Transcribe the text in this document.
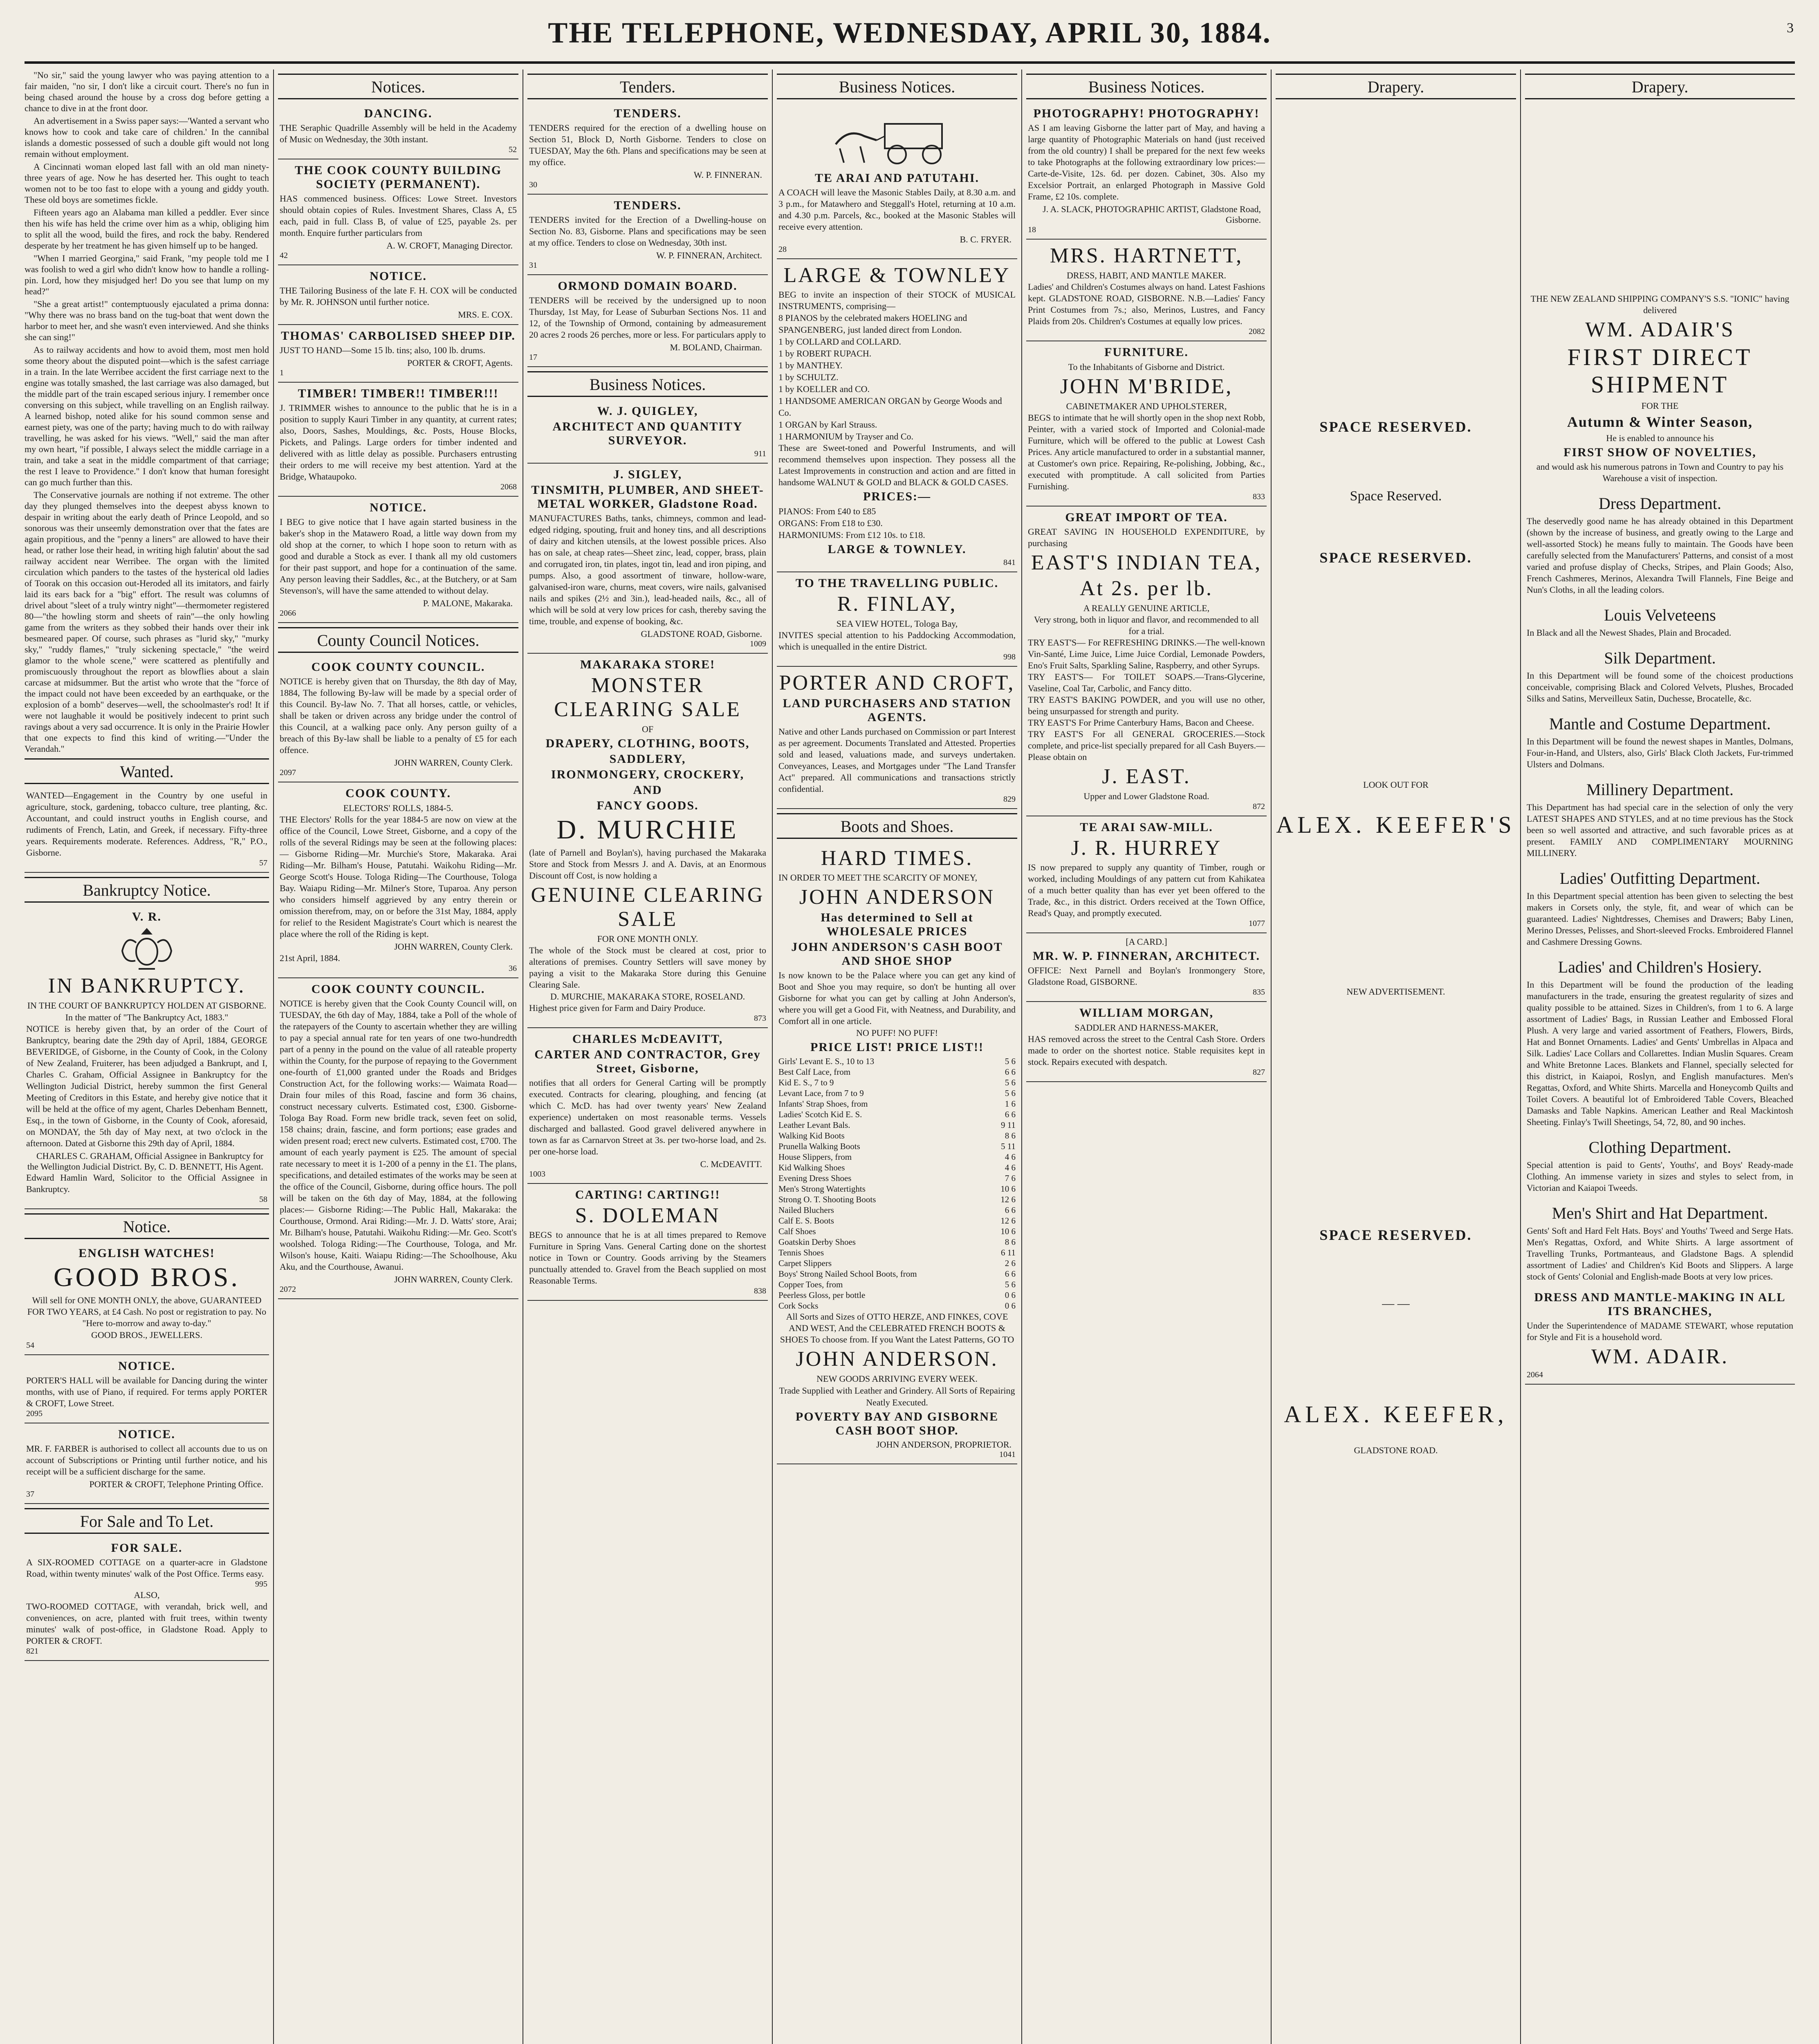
THE TELEPHONE, WEDNESDAY, APRIL 30, 1884.	3

"No sir," said the young lawyer who was paying attention to a fair maiden, "no sir, I don't like a circuit court. There's no fun in being chased around the house by a cross dog before getting a chance to dive in at the front door.

An advertisement in a Swiss paper says:—'Wanted a servant who knows how to cook and take care of children.' In the cannibal islands a domestic possessed of such a double gift would not long remain without employment.

A Cincinnati woman eloped last fall with an old man ninety-three years of age. Now he has deserted her. This ought to teach women not to be too fast to elope with a young and giddy youth. These old boys are sometimes fickle.

Fifteen years ago an Alabama man killed a peddler. Ever since then his wife has held the crime over him as a whip, obliging him to split all the wood, build the fires, and rock the baby. Rendered desperate by her treatment he has given himself up to be hanged.

"When I married Georgina," said Frank, "my people told me I was foolish to wed a girl who didn't know how to handle a rolling-pin. Lord, how they misjudged her! Do you see that lump on my head?"

"She a great artist!" contemptuously ejaculated a prima donna: "Why there was no brass band on the tug-boat that went down the harbor to meet her, and she wasn't even interviewed. And she thinks she can sing!"

As to railway accidents and how to avoid them, most men hold some theory about the disputed point—which is the safest carriage in a train. In the late Werribee accident the first carriage next to the engine was totally smashed, the last carriage was also damaged, but the middle part of the train escaped serious injury. I remember once conversing on this subject, while travelling on an English railway. A learned bishop, noted alike for his sound common sense and earnest piety, was one of the party; having much to do with railway travelling, he was asked for his views. "Well," said the man after my own heart, "if possible, I always select the middle carriage in a train, and take a seat in the middle compartment of that carriage; the rest I leave to Providence." I don't know that human foresight can go much further than this.

The Conservative journals are nothing if not extreme. The other day they plunged themselves into the deepest abyss known to despair in writing about the early death of Prince Leopold, and so sonorous was their unseemly demonstration over that the fates are again propitious, and the "penny a liners" are allowed to have their head, or rather lose their head, in writing high falutin' about the sad railway accident near Werribee. The organ with the limited circulation which panders to the tastes of the hysterical old ladies of Toorak on this occasion out-Heroded all its imitators, and fairly laid its ears back for a "big" effort. The result was columns of drivel about "sleet of a truly wintry night"—thermometer registered 80—"the howling storm and sheets of rain"—the only howling game from the writers as they sobbed their hands over their ink besmeared paper. Of course, such phrases as "lurid sky," "murky sky," "ruddy flames," "truly sickening spectacle," "the weird glamor to the whole scene," were scattered as plentifully and promiscuously throughout the report as blowflies about a slain carcase at midsummer. But the artist who wrote that the "force of the impact could not have been exceeded by an earthquake, or the explosion of a bomb" deserves—well, the schoolmaster's rod! It if were not laughable it would be positively indecent to print such ravings about a very sad occurrence. It is only in the Prairie Howler that one expects to find this kind of writing.—"Under the Verandah."

Wanted.
WANTED—Engagement in the Country by one useful in agriculture, stock, gardening, tobacco culture, tree planting, &c. Accountant, and could instruct youths in English course, and rudiments of French, Latin, and Greek, if necessary. Fifty-three years. Requirements moderate. References. Address, "R," P.O., Gisborne.
57
Bankruptcy Notice.
V. R.
IN BANKRUPTCY.
IN THE COURT OF BANKRUPTCY HOLDEN AT GISBORNE.
In the matter of "The Bankruptcy Act, 1883."
NOTICE is hereby given that, by an order of the Court of Bankruptcy, bearing date the 29th day of April, 1884, GEORGE BEVERIDGE, of Gisborne, in the County of Cook, in the Colony of New Zealand, Fruiterer, has been adjudged a Bankrupt, and I, Charles C. Graham, Official Assignee in Bankruptcy for the Wellington Judicial District, hereby summon the first General Meeting of Creditors in this Estate, and hereby give notice that it will be held at the office of my agent, Charles Debenham Bennett, Esq., in the town of Gisborne, in the County of Cook, aforesaid, on MONDAY, the 5th day of May next, at two o'clock in the afternoon. Dated at Gisborne this 29th day of April, 1884.
CHARLES C. GRAHAM, Official Assignee in Bankruptcy for the Wellington Judicial District. By, C. D. BENNETT, His Agent.
Edward Hamlin Ward, Solicitor to the Official Assignee in Bankruptcy.
58
Notice.
ENGLISH WATCHES!
GOOD BROS.
Will sell for ONE MONTH ONLY, the above, GUARANTEED FOR TWO YEARS, at £4 Cash. No post or registration to pay. No "Here to-morrow and away to-day."
GOOD BROS., JEWELLERS.
54
NOTICE.
PORTER'S HALL will be available for Dancing during the winter months, with use of Piano, if required. For terms apply PORTER & CROFT, Lowe Street.
2095
NOTICE.
MR. F. FARBER is authorised to collect all accounts due to us on account of Subscriptions or Printing until further notice, and his receipt will be a sufficient discharge for the same.
PORTER & CROFT, Telephone Printing Office.
37
For Sale and To Let.
FOR SALE.
A SIX-ROOMED COTTAGE on a quarter-acre in Gladstone Road, within twenty minutes' walk of the Post Office. Terms easy.
995
ALSO,
TWO-ROOMED COTTAGE, with verandah, brick well, and conveniences, on acre, planted with fruit trees, within twenty minutes' walk of post-office, in Gladstone Road. Apply to PORTER & CROFT.
821
Notices.
DANCING.
THE Seraphic Quadrille Assembly will be held in the Academy of Music on Wednesday, the 30th instant.
52
THE COOK COUNTY BUILDING SOCIETY (PERMANENT).
HAS commenced business. Offices: Lowe Street. Investors should obtain copies of Rules. Investment Shares, Class A, £5 each, paid in full. Class B, of value of £25, payable 2s. per month. Enquire further particulars from
A. W. CROFT, Managing Director.
42
NOTICE.
THE Tailoring Business of the late F. H. COX will be conducted by Mr. R. JOHNSON until further notice.
MRS. E. COX.
THOMAS' CARBOLISED SHEEP DIP.
JUST TO HAND—Some 15 lb. tins; also, 100 lb. drums.
PORTER & CROFT, Agents.
1
TIMBER! TIMBER!! TIMBER!!!
J. TRIMMER wishes to announce to the public that he is in a position to supply Kauri Timber in any quantity, at current rates; also, Doors, Sashes, Mouldings, &c. Posts, House Blocks, Pickets, and Palings. Large orders for timber indented and delivered with as little delay as possible. Purchasers entrusting their orders to me will receive my best attention. Yard at the Bridge, Whataupoko.
2068
NOTICE.
I BEG to give notice that I have again started business in the baker's shop in the Matawero Road, a little way down from my old shop at the corner, to which I hope soon to return with as good and durable a Stock as ever. I thank all my old customers for their past support, and hope for a continuation of the same. Any person leaving their Saddles, &c., at the Butchery, or at Sam Stevenson's, will have the same attended to without delay.
P. MALONE, Makaraka.
2066
County Council Notices.
COOK COUNTY COUNCIL.
NOTICE is hereby given that on Thursday, the 8th day of May, 1884, The following By-law will be made by a special order of this Council. By-law No. 7. That all horses, cattle, or vehicles, shall be taken or driven across any bridge under the control of this Council, at a walking pace only. Any person guilty of a breach of this By-law shall be liable to a penalty of £5 for each offence.
JOHN WARREN, County Clerk.
2097
COOK COUNTY.
ELECTORS' ROLLS, 1884-5.
THE Electors' Rolls for the year 1884-5 are now on view at the office of the Council, Lowe Street, Gisborne, and a copy of the rolls of the several Ridings may be seen at the following places:— Gisborne Riding—Mr. Murchie's Store, Makaraka. Arai Riding—Mr. Bilham's House, Patutahi. Waikohu Riding—Mr. George Scott's House. Tologa Riding—The Courthouse, Tologa Bay. Waiapu Riding—Mr. Milner's Store, Tuparoa. Any person who considers himself aggrieved by any entry therein or omission therefrom, may, on or before the 31st May, 1884, apply for relief to the Resident Magistrate's Court which is nearest the place where the roll of the Riding is kept.
JOHN WARREN, County Clerk.
21st April, 1884.
36
COOK COUNTY COUNCIL.
NOTICE is hereby given that the Cook County Council will, on TUESDAY, the 6th day of May, 1884, take a Poll of the whole of the ratepayers of the County to ascertain whether they are willing to pay a special annual rate for ten years of one two-hundredth part of a penny in the pound on the value of all rateable property within the County, for the purpose of repaying to the Government one-fourth of £1,000 granted under the Roads and Bridges Construction Act, for the following works:— Waimata Road— Drain four miles of this Road, fascine and form 36 chains, construct necessary culverts. Estimated cost, £300. Gisborne-Tologa Bay Road. Form new bridle track, seven feet on solid, 158 chains; drain, fascine, and form portions; ease grades and widen present road; erect new culverts. Estimated cost, £700. The amount of each yearly payment is £25. The amount of special rate necessary to meet it is 1-200 of a penny in the £1. The plans, specifications, and detailed estimates of the works may be seen at the office of the Council, Gisborne, during office hours. The poll will be taken on the 6th day of May, 1884, at the following places:— Gisborne Riding:—The Public Hall, Makaraka: the Courthouse, Ormond. Arai Riding:—Mr. J. D. Watts' store, Arai; Mr. Bilham's house, Patutahi. Waikohu Riding:—Mr. Geo. Scott's woolshed. Tologa Riding:—The Courthouse, Tologa, and Mr. Wilson's house, Kaiti. Waiapu Riding:—The Schoolhouse, Aku Aku, and the Courthouse, Awanui.
JOHN WARREN, County Clerk.
2072
Tenders.
TENDERS.
TENDERS required for the erection of a dwelling house on Section 51, Block D, North Gisborne. Tenders to close on TUESDAY, May the 6th. Plans and specifications may be seen at my office.
W. P. FINNERAN.
30
TENDERS.
TENDERS invited for the Erection of a Dwelling-house on Section No. 83, Gisborne. Plans and specifications may be seen at my office. Tenders to close on Wednesday, 30th inst.
W. P. FINNERAN, Architect.
31
ORMOND DOMAIN BOARD.
TENDERS will be received by the undersigned up to noon Thursday, 1st May, for Lease of Suburban Sections Nos. 11 and 12, of the Township of Ormond, containing by admeasurement 20 acres 2 roods 26 perches, more or less. For particulars apply to
M. BOLAND, Chairman.
17
Business Notices.
W. J. QUIGLEY,
ARCHITECT AND QUANTITY SURVEYOR.
911
J. SIGLEY,
TINSMITH, PLUMBER, AND SHEET-METAL WORKER, Gladstone Road.
MANUFACTURES Baths, tanks, chimneys, common and lead-edged ridging, spouting, fruit and honey tins, and all descriptions of dairy and kitchen utensils, at the lowest possible prices. Also has on sale, at cheap rates—Sheet zinc, lead, copper, brass, plain and corrugated iron, tin plates, ingot tin, lead and iron piping, and pumps. Also, a good assortment of tinware, hollow-ware, galvanised-iron ware, churns, meat covers, wire nails, galvanised nails and spikes (2½ and 3in.), lead-headed nails, &c., all of which will be sold at very low prices for cash, thereby saving the time, trouble, and expense of booking, &c.
GLADSTONE ROAD, Gisborne.
1009
MAKARAKA STORE!
MONSTER CLEARING SALE
OF
DRAPERY, CLOTHING, BOOTS,
SADDLERY,
IRONMONGERY, CROCKERY,
AND
FANCY GOODS.
D. MURCHIE
(late of Parnell and Boylan's), having purchased the Makaraka Store and Stock from Messrs J. and A. Davis, at an Enormous Discount off Cost, is now holding a
GENUINE CLEARING SALE
FOR ONE MONTH ONLY.
The whole of the Stock must be cleared at cost, prior to alterations of premises. Country Settlers will save money by paying a visit to the Makaraka Store during this Genuine Clearing Sale.
D. MURCHIE, MAKARAKA STORE, ROSELAND.
Highest price given for Farm and Dairy Produce.
873
CHARLES McDEAVITT,
CARTER AND CONTRACTOR, Grey Street, Gisborne,
notifies that all orders for General Carting will be promptly executed. Contracts for clearing, ploughing, and fencing (at which C. McD. has had over twenty years' New Zealand experience) undertaken on most reasonable terms. Vessels discharged and ballasted. Good gravel delivered anywhere in town as far as Carnarvon Street at 3s. per two-horse load, and 2s. per one-horse load.
C. McDEAVITT.
1003
CARTING! CARTING!!
S. DOLEMAN
BEGS to announce that he is at all times prepared to Remove Furniture in Spring Vans. General Carting done on the shortest notice in Town or Country. Goods arriving by the Steamers punctually attended to. Gravel from the Beach supplied on most Reasonable Terms.
838
Business Notices.
TE ARAI AND PATUTAHI.
A COACH will leave the Masonic Stables Daily, at 8.30 a.m. and 3 p.m., for Matawhero and Steggall's Hotel, returning at 10 a.m. and 4.30 p.m. Parcels, &c., booked at the Masonic Stables will receive every attention.
B. C. FRYER.
28
LARGE & TOWNLEY
BEG to invite an inspection of their STOCK of MUSICAL INSTRUMENTS, comprising—
8 PIANOS by the celebrated makers HOELING and SPANGENBERG, just landed direct from London.
1 by COLLARD and COLLARD.
1 by ROBERT RUPACH.
1 by MANTHEY.
1 by SCHULTZ.
1 by KOELLER and CO.
1 HANDSOME AMERICAN ORGAN by George Woods and Co.
1 ORGAN by Karl Strauss.
1 HARMONIUM by Trayser and Co.
These are Sweet-toned and Powerful Instruments, and will recommend themselves upon inspection. They possess all the Latest Improvements in construction and action and are fitted in handsome WALNUT & GOLD and BLACK & GOLD CASES.
PRICES:—
PIANOS: From £40 to £85
ORGANS: From £18 to £30.
HARMONIUMS: From £12 10s. to £18.
LARGE & TOWNLEY.
841
TO THE TRAVELLING PUBLIC.
R. FINLAY,
SEA VIEW HOTEL, Tologa Bay,
INVITES special attention to his Paddocking Accommodation, which is unequalled in the entire District.
998
PORTER AND CROFT,
LAND PURCHASERS AND STATION AGENTS.
Native and other Lands purchased on Commission or part Interest as per agreement. Documents Translated and Attested. Properties sold and leased, valuations made, and surveys undertaken. Conveyances, Leases, and Mortgages under "The Land Transfer Act" prepared. All communications and transactions strictly confidential.
829
Boots and Shoes.
HARD TIMES.
IN ORDER TO MEET THE SCARCITY OF MONEY,
JOHN ANDERSON
Has determined to Sell at WHOLESALE PRICES
JOHN ANDERSON'S CASH BOOT AND SHOE SHOP
Is now known to be the Palace where you can get any kind of Boot and Shoe you may require, so don't be hunting all over Gisborne for what you can get by calling at John Anderson's, where you will get a Good Fit, with Neatness, and Durability, and Comfort all in one article.
NO PUFF! NO PUFF!
PRICE LIST! PRICE LIST!!
Girls' Levant E. S., 10 to 13	5 6
Best Calf Lace, from	6 6
Kid E. S., 7 to 9	5 6
Levant Lace, from 7 to 9	5 6
Infants' Strap Shoes, from	1 6
Ladies' Scotch Kid E. S.	6 6
Leather Levant Bals.	9 11
Walking Kid Boots	8 6
Prunella Walking Boots	5 11
House Slippers, from	4 6
Kid Walking Shoes	4 6
Evening Dress Shoes	7 6
Men's Strong Watertights	10 6
Strong O. T. Shooting Boots	12 6
Nailed Bluchers	6 6
Calf E. S. Boots	12 6
Calf Shoes	10 6
Goatskin Derby Shoes	8 6
Tennis Shoes	6 11
Carpet Slippers	2 6
Boys' Strong Nailed School Boots, from	6 6
Copper Toes, from	5 6
Peerless Gloss, per bottle	0 6
Cork Socks	0 6
All Sorts and Sizes of OTTO HERZE, AND FINKES, COVE AND WEST, And the CELEBRATED FRENCH BOOTS & SHOES To choose from. If you Want the Latest Patterns, GO TO
JOHN ANDERSON.
NEW GOODS ARRIVING EVERY WEEK.
Trade Supplied with Leather and Grindery. All Sorts of Repairing Neatly Executed.
POVERTY BAY AND GISBORNE CASH BOOT SHOP.
JOHN ANDERSON, PROPRIETOR.
1041
Business Notices.
PHOTOGRAPHY! PHOTOGRAPHY!
AS I am leaving Gisborne the latter part of May, and having a large quantity of Photographic Materials on hand (just received from the old country) I shall be prepared for the next few weeks to take Photographs at the following extraordinary low prices:— Carte-de-Visite, 12s. 6d. per dozen. Cabinet, 30s. Also my Excelsior Portrait, an enlarged Photograph in Massive Gold Frame, £2 10s. complete.
J. A. SLACK, PHOTOGRAPHIC ARTIST, Gladstone Road, Gisborne.
18
MRS. HARTNETT,
DRESS, HABIT, AND MANTLE MAKER.
Ladies' and Children's Costumes always on hand. Latest Fashions kept. GLADSTONE ROAD, GISBORNE. N.B.—Ladies' Fancy Print Costumes from 7s.; also, Merinos, Lustres, and Fancy Plaids from 20s. Children's Costumes at equally low prices.
2082
FURNITURE.
To the Inhabitants of Gisborne and District.
JOHN M'BRIDE,
CABINETMAKER AND UPHOLSTERER,
BEGS to intimate that he will shortly open in the shop next Robb, Peinter, with a varied stock of Imported and Colonial-made Furniture, which will be offered to the public at Lowest Cash Prices. Any article manufactured to order in a substantial manner, at Customer's own price. Repairing, Re-polishing, Jobbing, &c., executed with promptitude. A call solicited from Parties Furnishing.
833
GREAT IMPORT OF TEA.
GREAT SAVING IN HOUSEHOLD EXPENDITURE, by purchasing
EAST'S INDIAN TEA,
At 2s. per lb.
A REALLY GENUINE ARTICLE,
Very strong, both in liquor and flavor, and recommended to all for a trial.
TRY EAST'S— For REFRESHING DRINKS.—The well-known Vin-Santé, Lime Juice, Lime Juice Cordial, Lemonade Powders, Eno's Fruit Salts, Sparkling Saline, Raspberry, and other Syrups.
TRY EAST'S— For TOILET SOAPS.—Trans-Glycerine, Vaseline, Coal Tar, Carbolic, and Fancy ditto.
TRY EAST'S BAKING POWDER, and you will use no other, being unsurpassed for strength and purity.
TRY EAST'S For Prime Canterbury Hams, Bacon and Cheese.
TRY EAST'S For all GENERAL GROCERIES.—Stock complete, and price-list specially prepared for all Cash Buyers.—Please obtain on
J. EAST.
Upper and Lower Gladstone Road.
872
TE ARAI SAW-MILL.
J. R. HURREY
IS now prepared to supply any quantity of Timber, rough or worked, including Mouldings of any pattern cut from Kahikatea of a much better quality than has ever yet been offered to the Trade, &c., in this district. Orders received at the Town Office, Read's Quay, and promptly executed.
1077
[A CARD.]
MR. W. P. FINNERAN, ARCHITECT.
OFFICE: Next Parnell and Boylan's Ironmongery Store, Gladstone Road, GISBORNE.
835
WILLIAM MORGAN,
SADDLER AND HARNESS-MAKER,
HAS removed across the street to the Central Cash Store. Orders made to order on the shortest notice. Stable requisites kept in stock. Repairs executed with despatch.
827
Drapery.
SPACE RESERVED.
Space Reserved.
SPACE RESERVED.
LOOK OUT FOR
ALEX. KEEFER'S
NEW ADVERTISEMENT.
SPACE RESERVED.
— —
ALEX. KEEFER,
GLADSTONE ROAD.
Drapery.
THE NEW ZEALAND SHIPPING COMPANY'S S.S. "IONIC" having delivered
WM. ADAIR'S
FIRST DIRECT SHIPMENT
FOR THE
Autumn & Winter Season,
He is enabled to announce his
FIRST SHOW OF NOVELTIES,
and would ask his numerous patrons in Town and Country to pay his Warehouse a visit of inspection.
Dress Department.
The deservedly good name he has already obtained in this Department (shown by the increase of business, and greatly owing to the Large and well-assorted Stock) he means fully to maintain. The Goods have been carefully selected from the Manufacturers' Patterns, and consist of a most varied and profuse display of Checks, Stripes, and Plain Goods; Also, French Cashmeres, Merinos, Alexandra Twill Flannels, Fine Beige and Nun's Cloths, in all the leading colors.
Louis Velveteens
In Black and all the Newest Shades, Plain and Brocaded.
Silk Department.
In this Department will be found some of the choicest productions conceivable, comprising Black and Colored Velvets, Plushes, Brocaded Silks and Satins, Merveilleux Satin, Duchesse, Brocatelle, &c.
Mantle and Costume Department.
In this Department will be found the newest shapes in Mantles, Dolmans, Four-in-Hand, and Ulsters, also, Girls' Black Cloth Jackets, Fur-trimmed Ulsters and Dolmans.
Millinery Department.
This Department has had special care in the selection of only the very LATEST SHAPES AND STYLES, and at no time previous has the Stock been so well assorted and attractive, and such favorable prices as at present. FAMILY AND COMPLIMENTARY MOURNING MILLINERY.
Ladies' Outfitting Department.
In this Department special attention has been given to selecting the best makers in Corsets only, the style, fit, and wear of which can be guaranteed. Ladies' Nightdresses, Chemises and Drawers; Baby Linen, Merino Dresses, Pelisses, and Short-sleeved Frocks. Embroidered Flannel and Cashmere Dressing Gowns.
Ladies' and Children's Hosiery.
In this Department will be found the production of the leading manufacturers in the trade, ensuring the greatest regularity of sizes and quality possible to be attained. Sizes in Children's, from 1 to 6. A large assortment of Ladies' Bags, in Russian Leather and Embossed Floral Plush. A very large and varied assortment of Feathers, Flowers, Birds, Hat and Bonnet Ornaments. Ladies' and Gents' Umbrellas in Alpaca and Silk. Ladies' Lace Collars and Collarettes. Indian Muslin Squares. Cream and White Bretonne Laces. Blankets and Flannel, specially selected for this district, in Kaiapoi, Roslyn, and English manufactures. Men's Regattas, Oxford, and White Shirts. Marcella and Honeycomb Quilts and Toilet Covers. A beautiful lot of Embroidered Table Covers, Bleached Damasks and Table Napkins. American Leather and Real Mackintosh Sheeting. Finlay's Twill Sheetings, 54, 72, 80, and 90 inches.
Clothing Department.
Special attention is paid to Gents', Youths', and Boys' Ready-made Clothing. An immense variety in sizes and styles to select from, in Victorian and Kaiapoi Tweeds.
Men's Shirt and Hat Department.
Gents' Soft and Hard Felt Hats. Boys' and Youths' Tweed and Serge Hats. Men's Regattas, Oxford, and White Shirts. A large assortment of Travelling Trunks, Portmanteaus, and Gladstone Bags. A splendid assortment of Ladies' and Children's Kid Boots and Slippers. A large stock of Gents' Colonial and English-made Boots at very low prices.
DRESS AND MANTLE-MAKING IN ALL ITS BRANCHES,
Under the Superintendence of MADAME STEWART, whose reputation for Style and Fit is a household word.
WM. ADAIR.
2064
